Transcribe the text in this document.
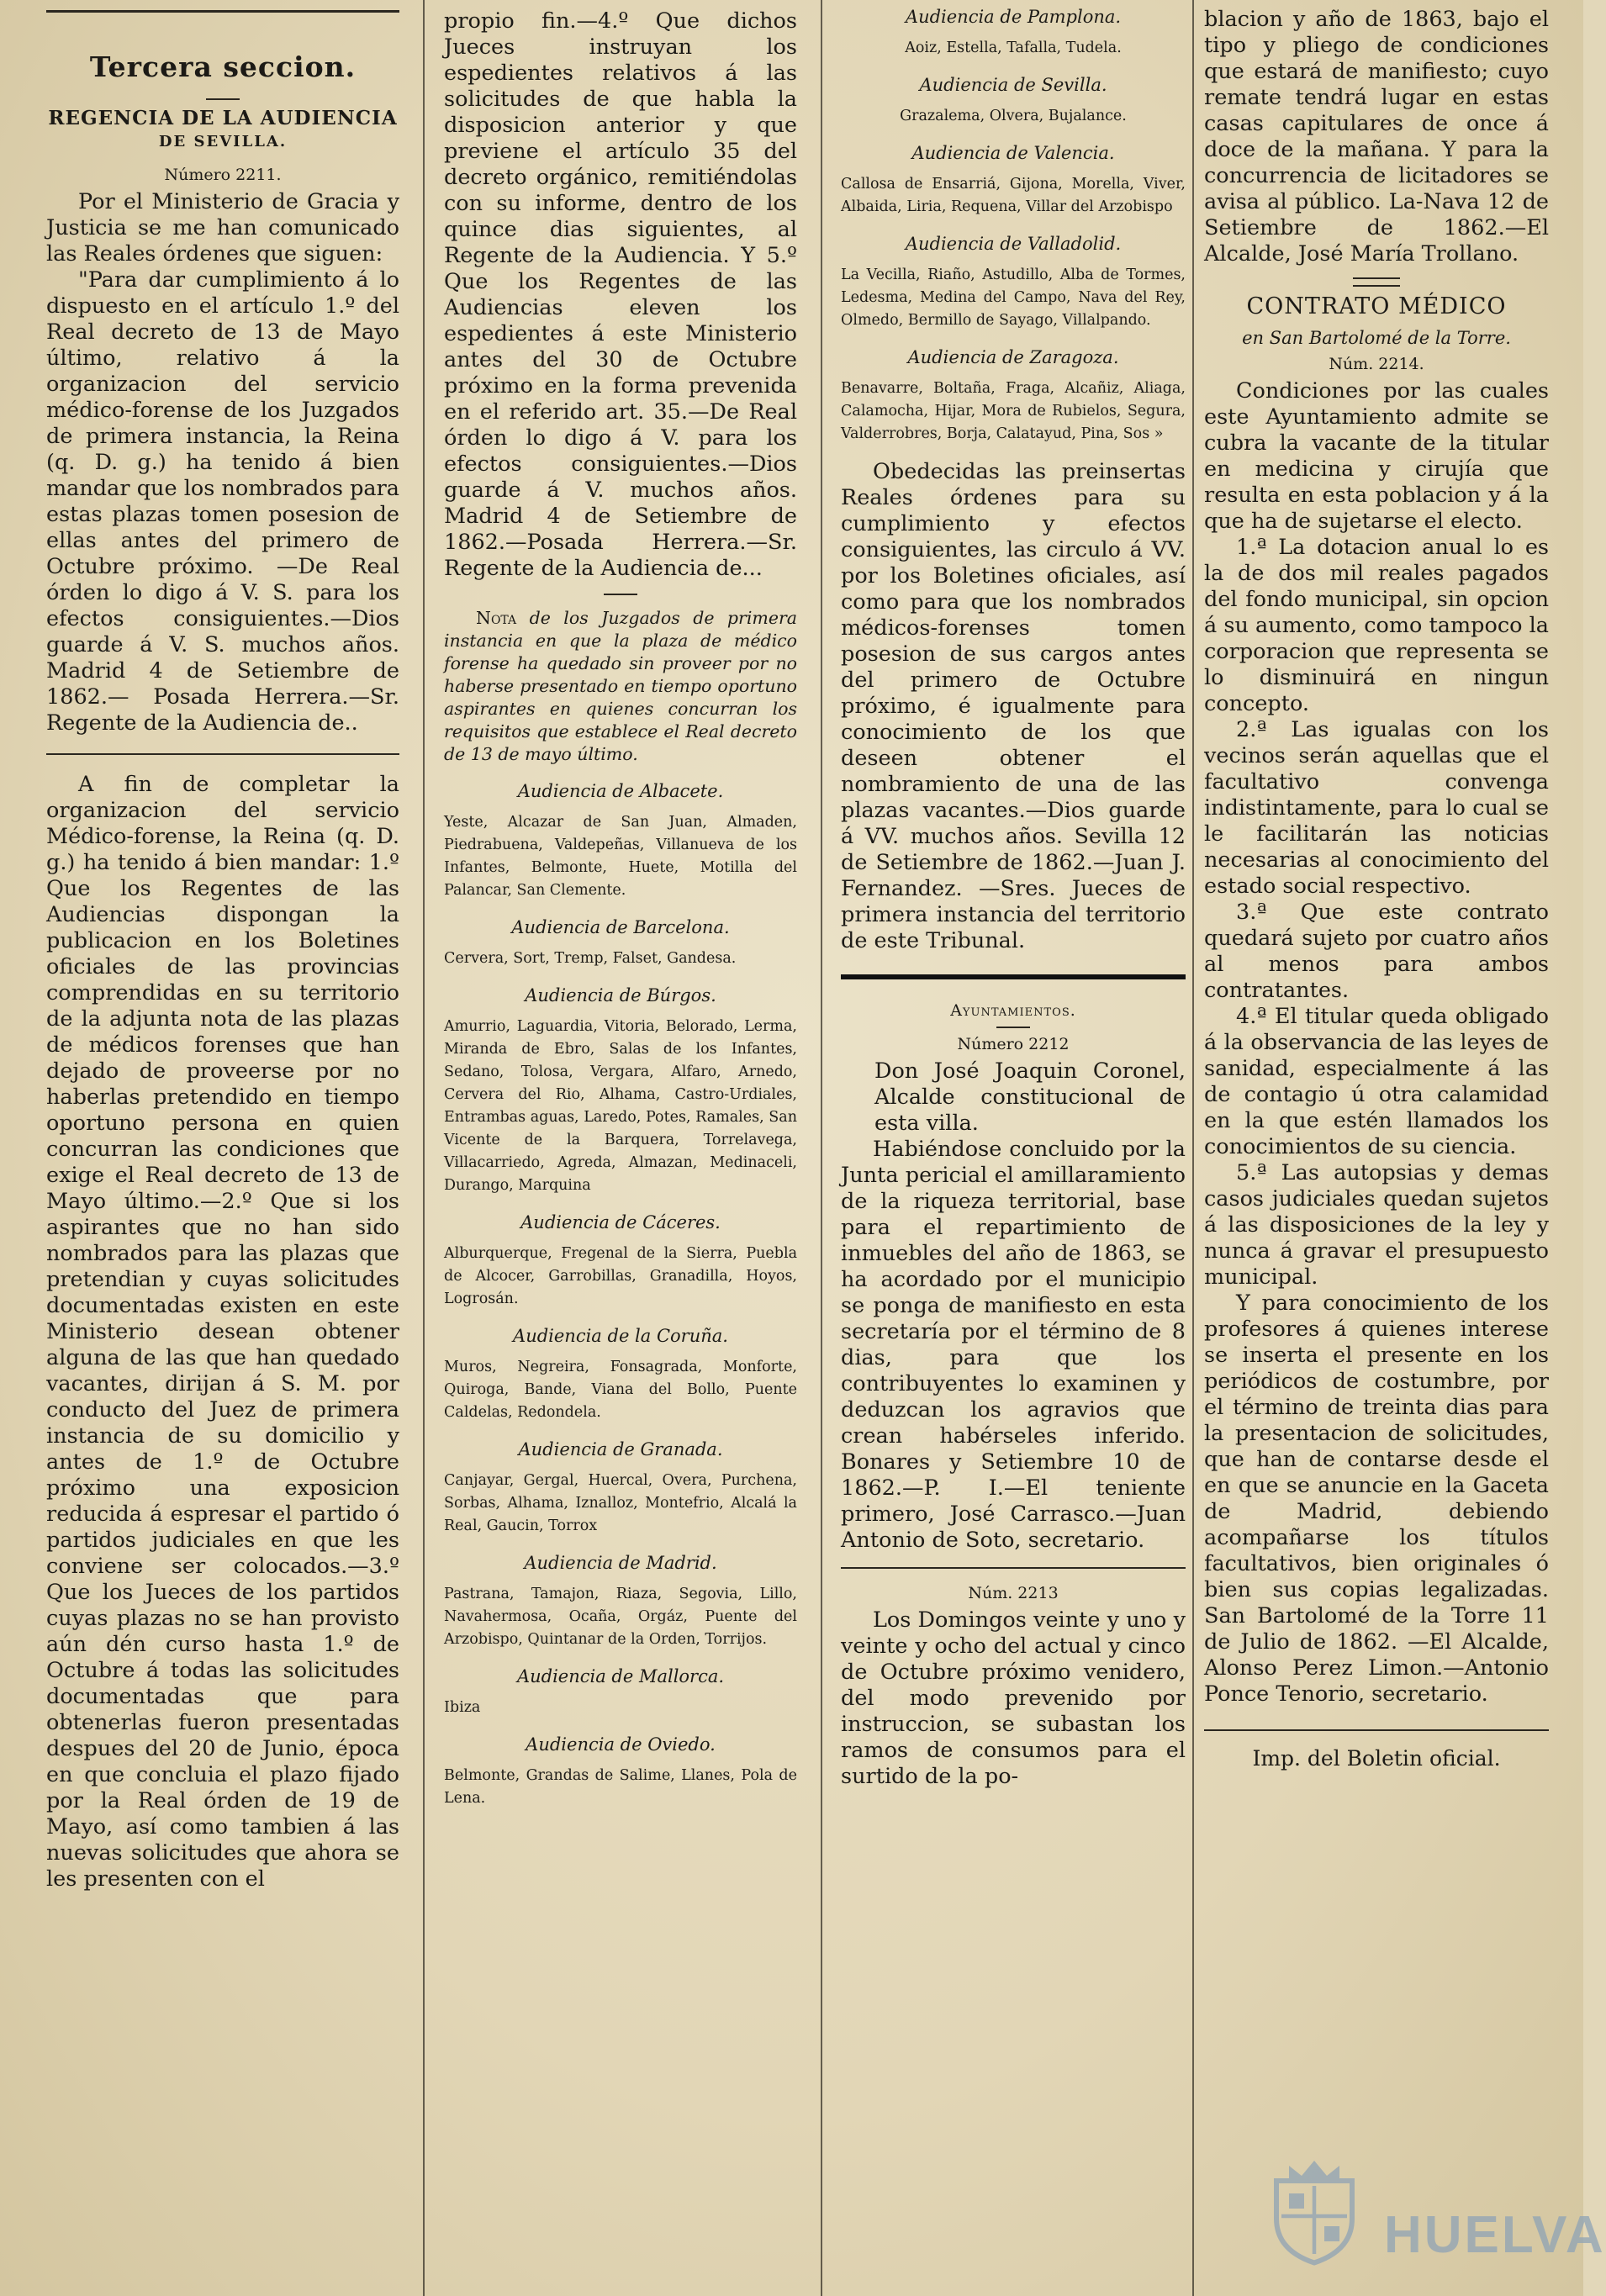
Tercera seccion.
REGENCIA DE LA AUDIENCIA
DE SEVILLA.
Número 2211.

Por el Ministerio de Gracia y Justicia se me han comunicado las Reales órdenes que siguen:

"Para dar cumplimiento á lo dispuesto en el artículo 1.º del Real decreto de 13 de Mayo último, relativo á la organizacion del servicio médico-forense de los Juzgados de primera instancia, la Reina (q. D. g.) ha tenido á bien mandar que los nombrados para estas plazas tomen posesion de ellas antes del primero de Octubre próximo. —De Real órden lo digo á V. S. para los efectos consiguientes.—Dios guarde á V. S. muchos años. Madrid 4 de Setiembre de 1862.— Posada Herrera.—Sr. Regente de la Audiencia de..

A fin de completar la organizacion del servicio Médico-forense, la Reina (q. D. g.) ha tenido á bien mandar: 1.º Que los Regentes de las Audiencias dispongan la publicacion en los Boletines oficiales de las provincias comprendidas en su territorio de la adjunta nota de las plazas de médicos forenses que han dejado de proveerse por no haberlas pretendido en tiempo oportuno persona en quien concurran las condiciones que exige el Real decreto de 13 de Mayo último.—2.º Que si los aspirantes que no han sido nombrados para las plazas que pretendian y cuyas solicitudes documentadas existen en este Ministerio desean obtener alguna de las que han quedado vacantes, dirijan á S. M. por conducto del Juez de primera instancia de su domicilio y antes de 1.º de Octubre próximo una exposicion reducida á espresar el partido ó partidos judiciales en que les conviene ser colocados.—3.º Que los Jueces de los partidos cuyas plazas no se han provisto aún dén curso hasta 1.º de Octubre á todas las solicitudes documentadas que para obtenerlas fueron presentadas despues del 20 de Junio, época en que concluia el plazo fijado por la Real órden de 19 de Mayo, así como tambien á las nuevas solicitudes que ahora se les presenten con el

propio fin.—4.º Que dichos Jueces instruyan los espedientes relativos á las solicitudes de que habla la disposicion anterior y que previene el artículo 35 del decreto orgánico, remitiéndolas con su informe, dentro de los quince dias siguientes, al Regente de la Audiencia. Y 5.º Que los Regentes de las Audiencias eleven los espedientes á este Ministerio antes del 30 de Octubre próximo en la forma prevenida en el referido art. 35.—De Real órden lo digo á V. para los efectos consiguientes.—Dios guarde á V. muchos años. Madrid 4 de Setiembre de 1862.—Posada Herrera.—Sr. Regente de la Audiencia de...

Nota de los Juzgados de primera instancia en que la plaza de médico forense ha quedado sin proveer por no haberse presentado en tiempo oportuno aspirantes en quienes concurran los requisitos que establece el Real decreto de 13 de mayo último.

Audiencia de Albacete.

Yeste, Alcazar de San Juan, Almaden, Piedrabuena, Valdepeñas, Villanueva de los Infantes, Belmonte, Huete, Motilla del Palancar, San Clemente.

Audiencia de Barcelona.

Cervera, Sort, Tremp, Falset, Gandesa.

Audiencia de Búrgos.

Amurrio, Laguardia, Vitoria, Belorado, Lerma, Miranda de Ebro, Salas de los Infantes, Sedano, Tolosa, Vergara, Alfaro, Arnedo, Cervera del Rio, Alhama, Castro-Urdiales, Entrambas aguas, Laredo, Potes, Ramales, San Vicente de la Barquera, Torrelavega, Villacarriedo, Agreda, Almazan, Medinaceli, Durango, Marquina

Audiencia de Cáceres.

Alburquerque, Fregenal de la Sierra, Puebla de Alcocer, Garrobillas, Granadilla, Hoyos, Logrosán.

Audiencia de la Coruña.

Muros, Negreira, Fonsagrada, Monforte, Quiroga, Bande, Viana del Bollo, Puente Caldelas, Redondela.

Audiencia de Granada.

Canjayar, Gergal, Huercal, Overa, Purchena, Sorbas, Alhama, Iznalloz, Montefrio, Alcalá la Real, Gaucin, Torrox

Audiencia de Madrid.

Pastrana, Tamajon, Riaza, Segovia, Lillo, Navahermosa, Ocaña, Orgáz, Puente del Arzobispo, Quintanar de la Orden, Torrijos.

Audiencia de Mallorca.

Ibiza

Audiencia de Oviedo.

Belmonte, Grandas de Salime, Llanes, Pola de Lena.

Audiencia de Pamplona.

Aoiz, Estella, Tafalla, Tudela.

Audiencia de Sevilla.

Grazalema, Olvera, Bujalance.

Audiencia de Valencia.

Callosa de Ensarriá, Gijona, Morella, Viver, Albaida, Liria, Requena, Villar del Arzobispo

Audiencia de Valladolid.

La Vecilla, Riaño, Astudillo, Alba de Tormes, Ledesma, Medina del Campo, Nava del Rey, Olmedo, Bermillo de Sayago, Villalpando.

Audiencia de Zaragoza.

Benavarre, Boltaña, Fraga, Alcañiz, Aliaga, Calamocha, Hijar, Mora de Rubielos, Segura, Valderrobres, Borja, Calatayud, Pina, Sos »

Obedecidas las preinsertas Reales órdenes para su cumplimiento y efectos consiguientes, las circulo á VV. por los Boletines oficiales, así como para que los nombrados médicos-forenses tomen posesion de sus cargos antes del primero de Octubre próximo, é igualmente para conocimiento de los que deseen obtener el nombramiento de una de las plazas vacantes.—Dios guarde á VV. muchos años. Sevilla 12 de Setiembre de 1862.—Juan J. Fernandez. —Sres. Jueces de primera instancia del territorio de este Tribunal.

Ayuntamientos.
Número 2212

Don José Joaquin Coronel, Alcalde constitucional de esta villa.

Habiéndose concluido por la Junta pericial el amillaramiento de la riqueza territorial, base para el repartimiento de inmuebles del año de 1863, se ha acordado por el municipio se ponga de manifiesto en esta secretaría por el término de 8 dias, para que los contribuyentes lo examinen y deduzcan los agravios que crean habérseles inferido. Bonares y Setiembre 10 de 1862.—P. I.—El teniente primero, José Carrasco.—Juan Antonio de Soto, secretario.

Núm. 2213

Los Domingos veinte y uno y veinte y ocho del actual y cinco de Octubre próximo venidero, del modo prevenido por instruccion, se subastan los ramos de consumos para el surtido de la po-

blacion y año de 1863, bajo el tipo y pliego de condiciones que estará de manifiesto; cuyo remate tendrá lugar en estas casas capitulares de once á doce de la mañana. Y para la concurrencia de licitadores se avisa al público. La-Nava 12 de Setiembre de 1862.—El Alcalde, José María Trollano.

CONTRATO MÉDICO
en San Bartolomé de la Torre.
Núm. 2214.

Condiciones por las cuales este Ayuntamiento admite se cubra la vacante de la titular en medicina y cirujía que resulta en esta poblacion y á la que ha de sujetarse el electo.

1.ª La dotacion anual lo es la de dos mil reales pagados del fondo municipal, sin opcion á su aumento, como tampoco la corporacion que representa se lo disminuirá en ningun concepto.

2.ª Las igualas con los vecinos serán aquellas que el facultativo convenga indistintamente, para lo cual se le facilitarán las noticias necesarias al conocimiento del estado social respectivo.

3.ª Que este contrato quedará sujeto por cuatro años al menos para ambos contratantes.

4.ª El titular queda obligado á la observancia de las leyes de sanidad, especialmente á las de contagio ú otra calamidad en la que estén llamados los conocimientos de su ciencia.

5.ª Las autopsias y demas casos judiciales quedan sujetos á las disposiciones de la ley y nunca á gravar el presupuesto municipal.

Y para conocimiento de los profesores á quienes interese se inserta el presente en los periódicos de costumbre, por el término de treinta dias para la presentacion de solicitudes, que han de contarse desde el en que se anuncie en la Gaceta de Madrid, debiendo acompañarse los títulos facultativos, bien originales ó bien sus copias legalizadas. San Bartolomé de la Torre 11 de Julio de 1862. —El Alcalde, Alonso Perez Limon.—Antonio Ponce Tenorio, secretario.

Imp. del Boletin oficial.
HUELVA
